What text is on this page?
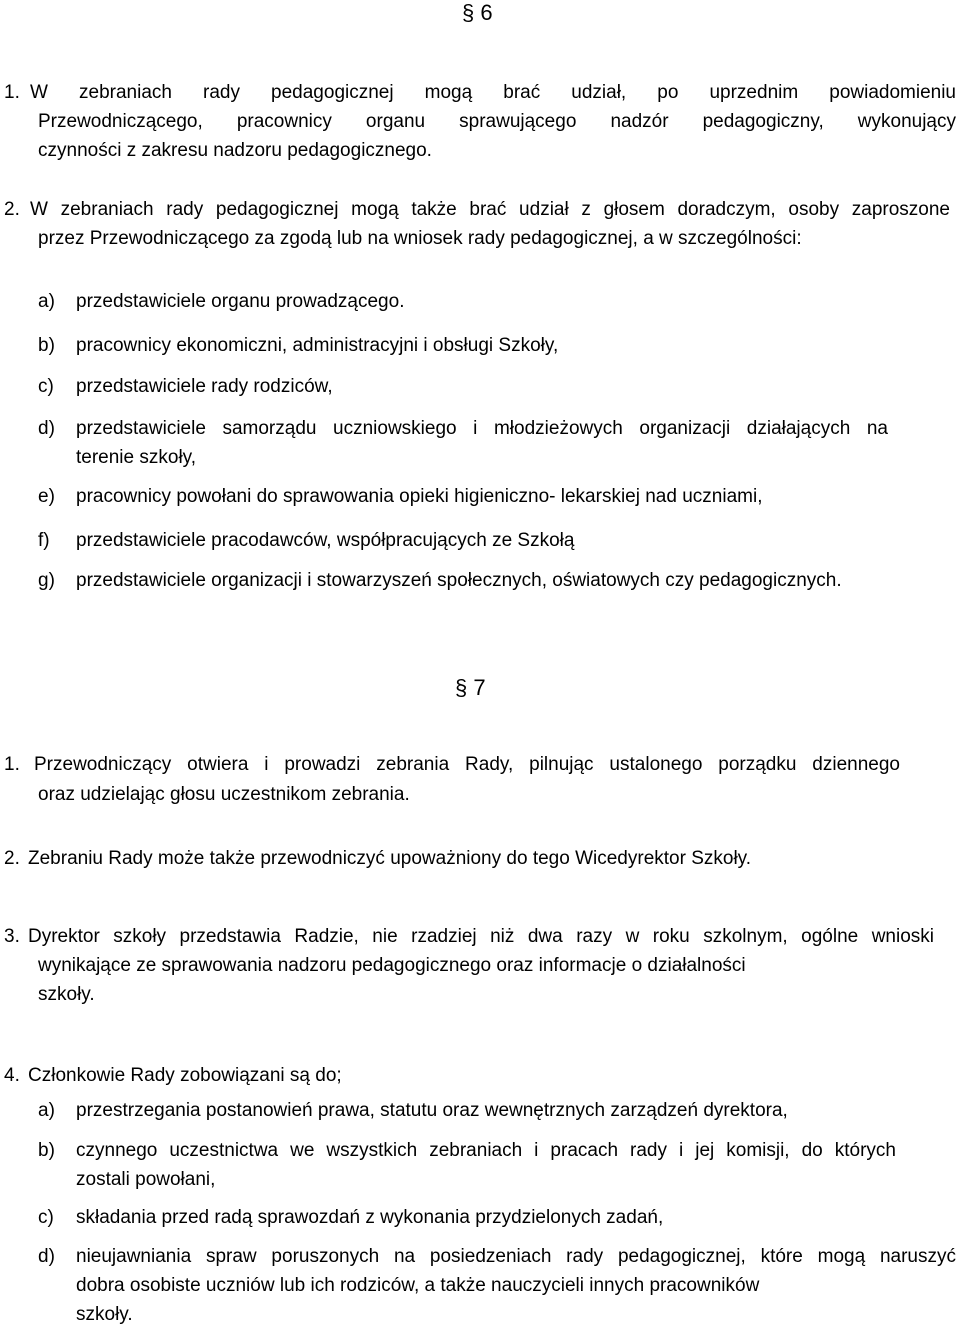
§ 6
1. W zebraniach rady pedagogicznej mogą brać udział, po uprzednim powiadomieniu
Przewodniczącego, pracownicy organu sprawującego nadzór pedagogiczny, wykonujący
czynności z zakresu nadzoru pedagogicznego.
2. W zebraniach rady pedagogicznej mogą także brać udział z głosem doradczym, osoby zaproszone
przez Przewodniczącego za zgodą lub na wniosek rady pedagogicznej, a w szczególności:
a) przedstawiciele organu prowadzącego.
b) pracownicy ekonomiczni, administracyjni i obsługi Szkoły,
c) przedstawiciele rady rodziców,
d) przedstawiciele samorządu uczniowskiego i młodzieżowych organizacji działających na
terenie szkoły,
e) pracownicy powołani do sprawowania opieki higieniczno- lekarskiej nad uczniami,
f) przedstawiciele pracodawców, współpracujących ze Szkołą
g) przedstawiciele organizacji i stowarzyszeń społecznych, oświatowych czy pedagogicznych.
§ 7
1. Przewodniczący otwiera i prowadzi zebrania Rady, pilnując ustalonego porządku dziennego
oraz udzielając głosu uczestnikom zebrania.
2. Zebraniu Rady może także przewodniczyć upoważniony do tego Wicedyrektor Szkoły.
3. Dyrektor szkoły przedstawia Radzie, nie rzadziej niż dwa razy w roku szkolnym, ogólne wnioski
wynikające ze sprawowania nadzoru pedagogicznego oraz informacje o działalności
szkoły.
4. Członkowie Rady zobowiązani są do;
a) przestrzegania postanowień prawa, statutu oraz wewnętrznych zarządzeń dyrektora,
b) czynnego uczestnictwa we wszystkich zebraniach i pracach rady i jej komisji, do których
zostali powołani,
c) składania przed radą sprawozdań z wykonania przydzielonych zadań,
d) nieujawniania spraw poruszonych na posiedzeniach rady pedagogicznej, które mogą naruszyć
dobra osobiste uczniów lub ich rodziców, a także nauczycieli innych pracowników
szkoły.
